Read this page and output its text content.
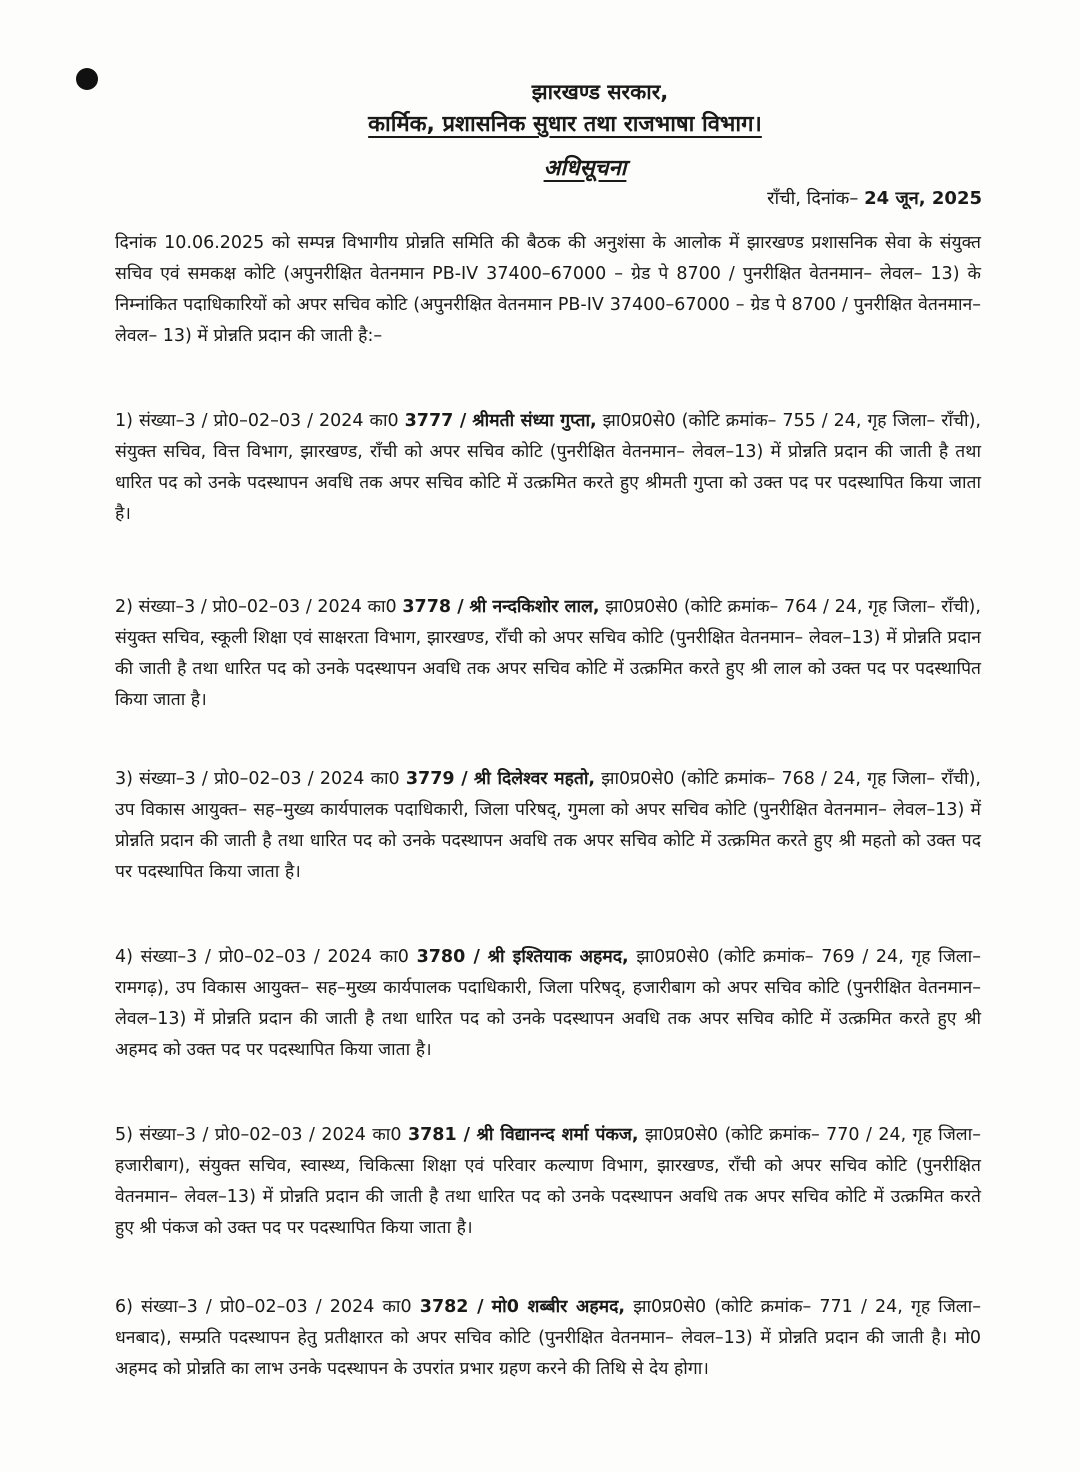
झारखण्ड सरकार,
कार्मिक, प्रशासनिक सुधार तथा राजभाषा विभाग।
अधिसूचना
राँची, दिनांक– 24 जून, 2025
दिनांक 10.06.2025 को सम्पन्न विभागीय प्रोन्नति समिति की बैठक की अनुशंसा के आलोक में झारखण्ड प्रशासनिक सेवा के संयुक्त सचिव एवं समकक्ष कोटि (अपुनरीक्षित वेतनमान PB-IV 37400–67000 – ग्रेड पे 8700 / पुनरीक्षित वेतनमान– लेवल– 13) के निम्नांकित पदाधिकारियों को अपर सचिव कोटि (अपुनरीक्षित वेतनमान PB-IV 37400–67000 – ग्रेड पे 8700 / पुनरीक्षित वेतनमान– लेवल– 13) में प्रोन्नति प्रदान की जाती है:–
1) संख्या–3 / प्रो0–02–03 / 2024 का0 3777 / श्रीमती संध्या गुप्ता, झा0प्र0से0 (कोटि क्रमांक– 755 / 24, गृह जिला– राँची), संयुक्त सचिव, वित्त विभाग, झारखण्ड, राँची को अपर सचिव कोटि (पुनरीक्षित वेतनमान– लेवल–13) में प्रोन्नति प्रदान की जाती है तथा धारित पद को उनके पदस्थापन अवधि तक अपर सचिव कोटि में उत्क्रमित करते हुए श्रीमती गुप्ता को उक्त पद पर पदस्थापित किया जाता है।
2) संख्या–3 / प्रो0–02–03 / 2024 का0 3778 / श्री नन्दकिशोर लाल, झा0प्र0से0 (कोटि क्रमांक– 764 / 24, गृह जिला– राँची), संयुक्त सचिव, स्कूली शिक्षा एवं साक्षरता विभाग, झारखण्ड, राँची को अपर सचिव कोटि (पुनरीक्षित वेतनमान– लेवल–13) में प्रोन्नति प्रदान की जाती है तथा धारित पद को उनके पदस्थापन अवधि तक अपर सचिव कोटि में उत्क्रमित करते हुए श्री लाल को उक्त पद पर पदस्थापित किया जाता है।
3) संख्या–3 / प्रो0–02–03 / 2024 का0 3779 / श्री दिलेश्वर महतो, झा0प्र0से0 (कोटि क्रमांक– 768 / 24, गृह जिला– राँची), उप विकास आयुक्त– सह–मुख्य कार्यपालक पदाधिकारी, जिला परिषद्, गुमला को अपर सचिव कोटि (पुनरीक्षित वेतनमान– लेवल–13) में प्रोन्नति प्रदान की जाती है तथा धारित पद को उनके पदस्थापन अवधि तक अपर सचिव कोटि में उत्क्रमित करते हुए श्री महतो को उक्त पद पर पदस्थापित किया जाता है।
4) संख्या–3 / प्रो0–02–03 / 2024 का0 3780 / श्री इश्तियाक अहमद, झा0प्र0से0 (कोटि क्रमांक– 769 / 24, गृह जिला– रामगढ़), उप विकास आयुक्त– सह–मुख्य कार्यपालक पदाधिकारी, जिला परिषद्, हजारीबाग को अपर सचिव कोटि (पुनरीक्षित वेतनमान– लेवल–13) में प्रोन्नति प्रदान की जाती है तथा धारित पद को उनके पदस्थापन अवधि तक अपर सचिव कोटि में उत्क्रमित करते हुए श्री अहमद को उक्त पद पर पदस्थापित किया जाता है।
5) संख्या–3 / प्रो0–02–03 / 2024 का0 3781 / श्री विद्यानन्द शर्मा पंकज, झा0प्र0से0 (कोटि क्रमांक– 770 / 24, गृह जिला– हजारीबाग), संयुक्त सचिव, स्वास्थ्य, चिकित्सा शिक्षा एवं परिवार कल्याण विभाग, झारखण्ड, राँची को अपर सचिव कोटि (पुनरीक्षित वेतनमान– लेवल–13) में प्रोन्नति प्रदान की जाती है तथा धारित पद को उनके पदस्थापन अवधि तक अपर सचिव कोटि में उत्क्रमित करते हुए श्री पंकज को उक्त पद पर पदस्थापित किया जाता है।
6) संख्या–3 / प्रो0–02–03 / 2024 का0 3782 / मो0 शब्बीर अहमद, झा0प्र0से0 (कोटि क्रमांक– 771 / 24, गृह जिला– धनबाद), सम्प्रति पदस्थापन हेतु प्रतीक्षारत को अपर सचिव कोटि (पुनरीक्षित वेतनमान– लेवल–13) में प्रोन्नति प्रदान की जाती है। मो0 अहमद को प्रोन्नति का लाभ उनके पदस्थापन के उपरांत प्रभार ग्रहण करने की तिथि से देय होगा।
